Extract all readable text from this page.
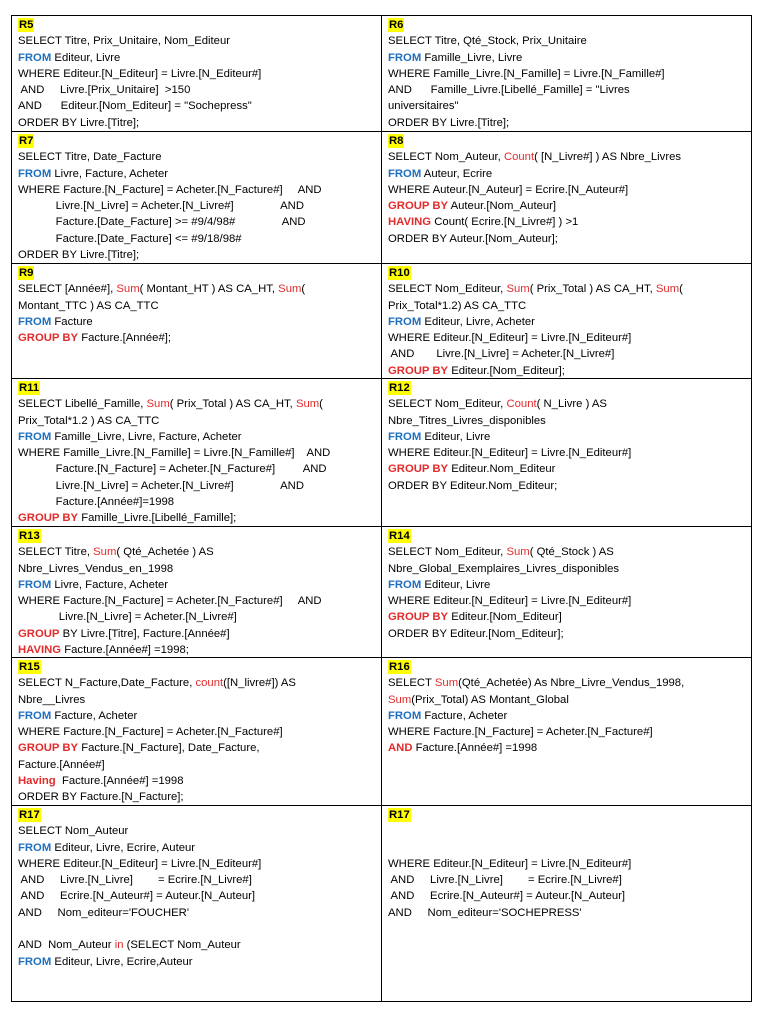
R5
SELECT Titre, Prix_Unitaire, Nom_Editeur
FROM Editeur, Livre
WHERE Editeur.[N_Editeur] = Livre.[N_Editeur#]
AND     Livre.[Prix_Unitaire]  >150
AND      Editeur.[Nom_Editeur] = "Sochepress"
ORDER BY Livre.[Titre];
R6
SELECT Titre, Qté_Stock, Prix_Unitaire
FROM Famille_Livre, Livre
WHERE Famille_Livre.[N_Famille] = Livre.[N_Famille#]
AND      Famille_Livre.[Libellé_Famille] = "Livres
universitaires"
ORDER BY Livre.[Titre];
R7
SELECT Titre, Date_Facture
FROM Livre, Facture, Acheter
WHERE Facture.[N_Facture] = Acheter.[N_Facture#]     AND
Livre.[N_Livre] = Acheter.[N_Livre#]               AND
Facture.[Date_Facture] >= #9/4/98#               AND
Facture.[Date_Facture] <= #9/18/98#
ORDER BY Livre.[Titre];
R8
SELECT Nom_Auteur, Count( [N_Livre#] ) AS Nbre_Livres
FROM Auteur, Ecrire
WHERE Auteur.[N_Auteur] = Ecrire.[N_Auteur#]
GROUP BY Auteur.[Nom_Auteur]
HAVING Count( Ecrire.[N_Livre#] ) >1
ORDER BY Auteur.[Nom_Auteur];
R9
SELECT [Année#], Sum( Montant_HT ) AS CA_HT, Sum(
Montant_TTC ) AS CA_TTC
FROM Facture
GROUP BY Facture.[Année#];
R10
SELECT Nom_Editeur, Sum( Prix_Total ) AS CA_HT, Sum(
Prix_Total*1.2) AS CA_TTC
FROM Editeur, Livre, Acheter
WHERE Editeur.[N_Editeur] = Livre.[N_Editeur#]
AND       Livre.[N_Livre] = Acheter.[N_Livre#]
GROUP BY Editeur.[Nom_Editeur];
R11
SELECT Libellé_Famille, Sum( Prix_Total ) AS CA_HT, Sum(
Prix_Total*1.2 ) AS CA_TTC
FROM Famille_Livre, Livre, Facture, Acheter
WHERE Famille_Livre.[N_Famille] = Livre.[N_Famille#]    AND
Facture.[N_Facture] = Acheter.[N_Facture#]         AND
Livre.[N_Livre] = Acheter.[N_Livre#]               AND
Facture.[Année#]=1998
GROUP BY Famille_Livre.[Libellé_Famille];
R12
SELECT Nom_Editeur, Count( N_Livre ) AS
Nbre_Titres_Livres_disponibles
FROM Editeur, Livre
WHERE Editeur.[N_Editeur] = Livre.[N_Editeur#]
GROUP BY Editeur.Nom_Editeur
ORDER BY Editeur.Nom_Editeur;
R13
SELECT Titre, Sum( Qté_Achetée ) AS
Nbre_Livres_Vendus_en_1998
FROM Livre, Facture, Acheter
WHERE Facture.[N_Facture] = Acheter.[N_Facture#]     AND
Livre.[N_Livre] = Acheter.[N_Livre#]
GROUP BY Livre.[Titre], Facture.[Année#]
HAVING Facture.[Année#] =1998;
R14
SELECT Nom_Editeur, Sum( Qté_Stock ) AS
Nbre_Global_Exemplaires_Livres_disponibles
FROM Editeur, Livre
WHERE Editeur.[N_Editeur] = Livre.[N_Editeur#]
GROUP BY Editeur.[Nom_Editeur]
ORDER BY Editeur.[Nom_Editeur];
R15
SELECT N_Facture,Date_Facture, count([N_livre#]) AS
Nbre__Livres
FROM Facture, Acheter
WHERE Facture.[N_Facture] = Acheter.[N_Facture#]
GROUP BY Facture.[N_Facture], Date_Facture,
Facture.[Année#]
Having  Facture.[Année#] =1998
ORDER BY Facture.[N_Facture];
R16
SELECT Sum(Qté_Achetée) As Nbre_Livre_Vendus_1998,
Sum(Prix_Total) AS Montant_Global
FROM Facture, Acheter
WHERE Facture.[N_Facture] = Acheter.[N_Facture#]
AND Facture.[Année#] =1998
R17
SELECT Nom_Auteur
FROM Editeur, Livre, Ecrire, Auteur
WHERE Editeur.[N_Editeur] = Livre.[N_Editeur#]
AND     Livre.[N_Livre]        = Ecrire.[N_Livre#]
AND     Ecrire.[N_Auteur#] = Auteur.[N_Auteur]
AND     Nom_editeur='FOUCHER'
AND  Nom_Auteur in (SELECT Nom_Auteur
FROM Editeur, Livre, Ecrire,Auteur
R17
WHERE Editeur.[N_Editeur] = Livre.[N_Editeur#]
AND     Livre.[N_Livre]        = Ecrire.[N_Livre#]
AND     Ecrire.[N_Auteur#] = Auteur.[N_Auteur]
AND     Nom_editeur='SOCHEPRESS'
